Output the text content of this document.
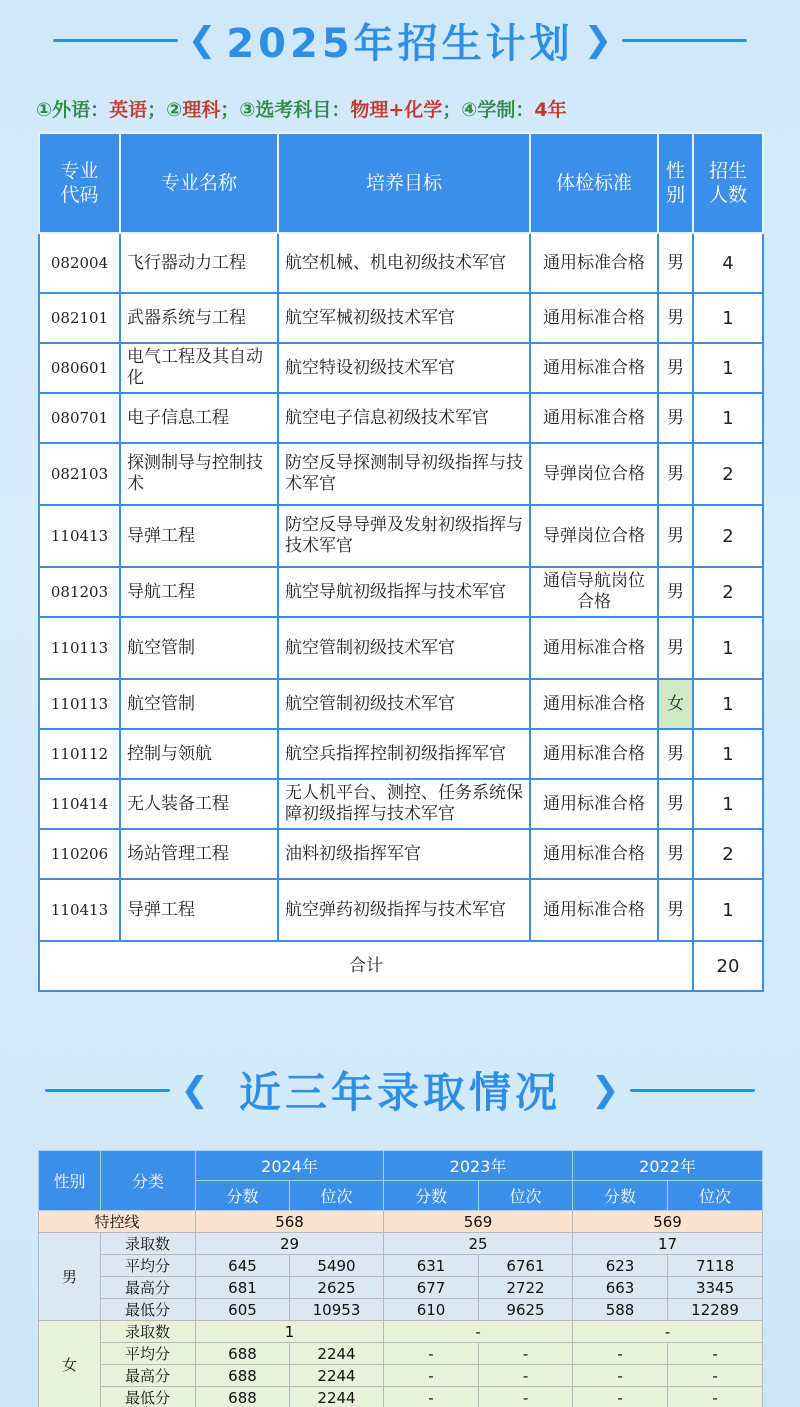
❮ 2025年招生计划 ❯
①外语：英语；②理科；③选考科目：物理+化学；④学制：4年
专业代码	专业名称	培养目标	体检标准	性别	招生人数
082004	飞行器动力工程	航空机械、机电初级技术军官	通用标准合格	男	4
082101	武器系统与工程	航空军械初级技术军官	通用标准合格	男	1
080601	电气工程及其自动化	航空特设初级技术军官	通用标准合格	男	1
080701	电子信息工程	航空电子信息初级技术军官	通用标准合格	男	1
082103	探测制导与控制技术	防空反导探测制导初级指挥与技术军官	导弹岗位合格	男	2
110413	导弹工程	防空反导导弹及发射初级指挥与技术军官	导弹岗位合格	男	2
081203	导航工程	航空导航初级指挥与技术军官	通信导航岗位合格	男	2
110113	航空管制	航空管制初级技术军官	通用标准合格	男	1
110113	航空管制	航空管制初级技术军官	通用标准合格	女	1
110112	控制与领航	航空兵指挥控制初级指挥军官	通用标准合格	男	1
110414	无人装备工程	无人机平台、测控、任务系统保障初级指挥与技术军官	通用标准合格	男	1
110206	场站管理工程	油料初级指挥军官	通用标准合格	男	2
110413	导弹工程	航空弹药初级指挥与技术军官	通用标准合格	男	1
合计					20
❮ 近三年录取情况 ❯
性别	分类	2024年		2023年		2022年	
		分数	位次	分数	位次	分数	位次
特控线		568		569		569	
男	录取数	29		25		17	
	平均分	645	5490	631	6761	623	7118
	最高分	681	2625	677	2722	663	3345
	最低分	605	10953	610	9625	588	12289
女	录取数	1		-		-	
	平均分	688	2244	-	-	-	-
	最高分	688	2244	-	-	-	-
	最低分	688	2244	-	-	-	-
